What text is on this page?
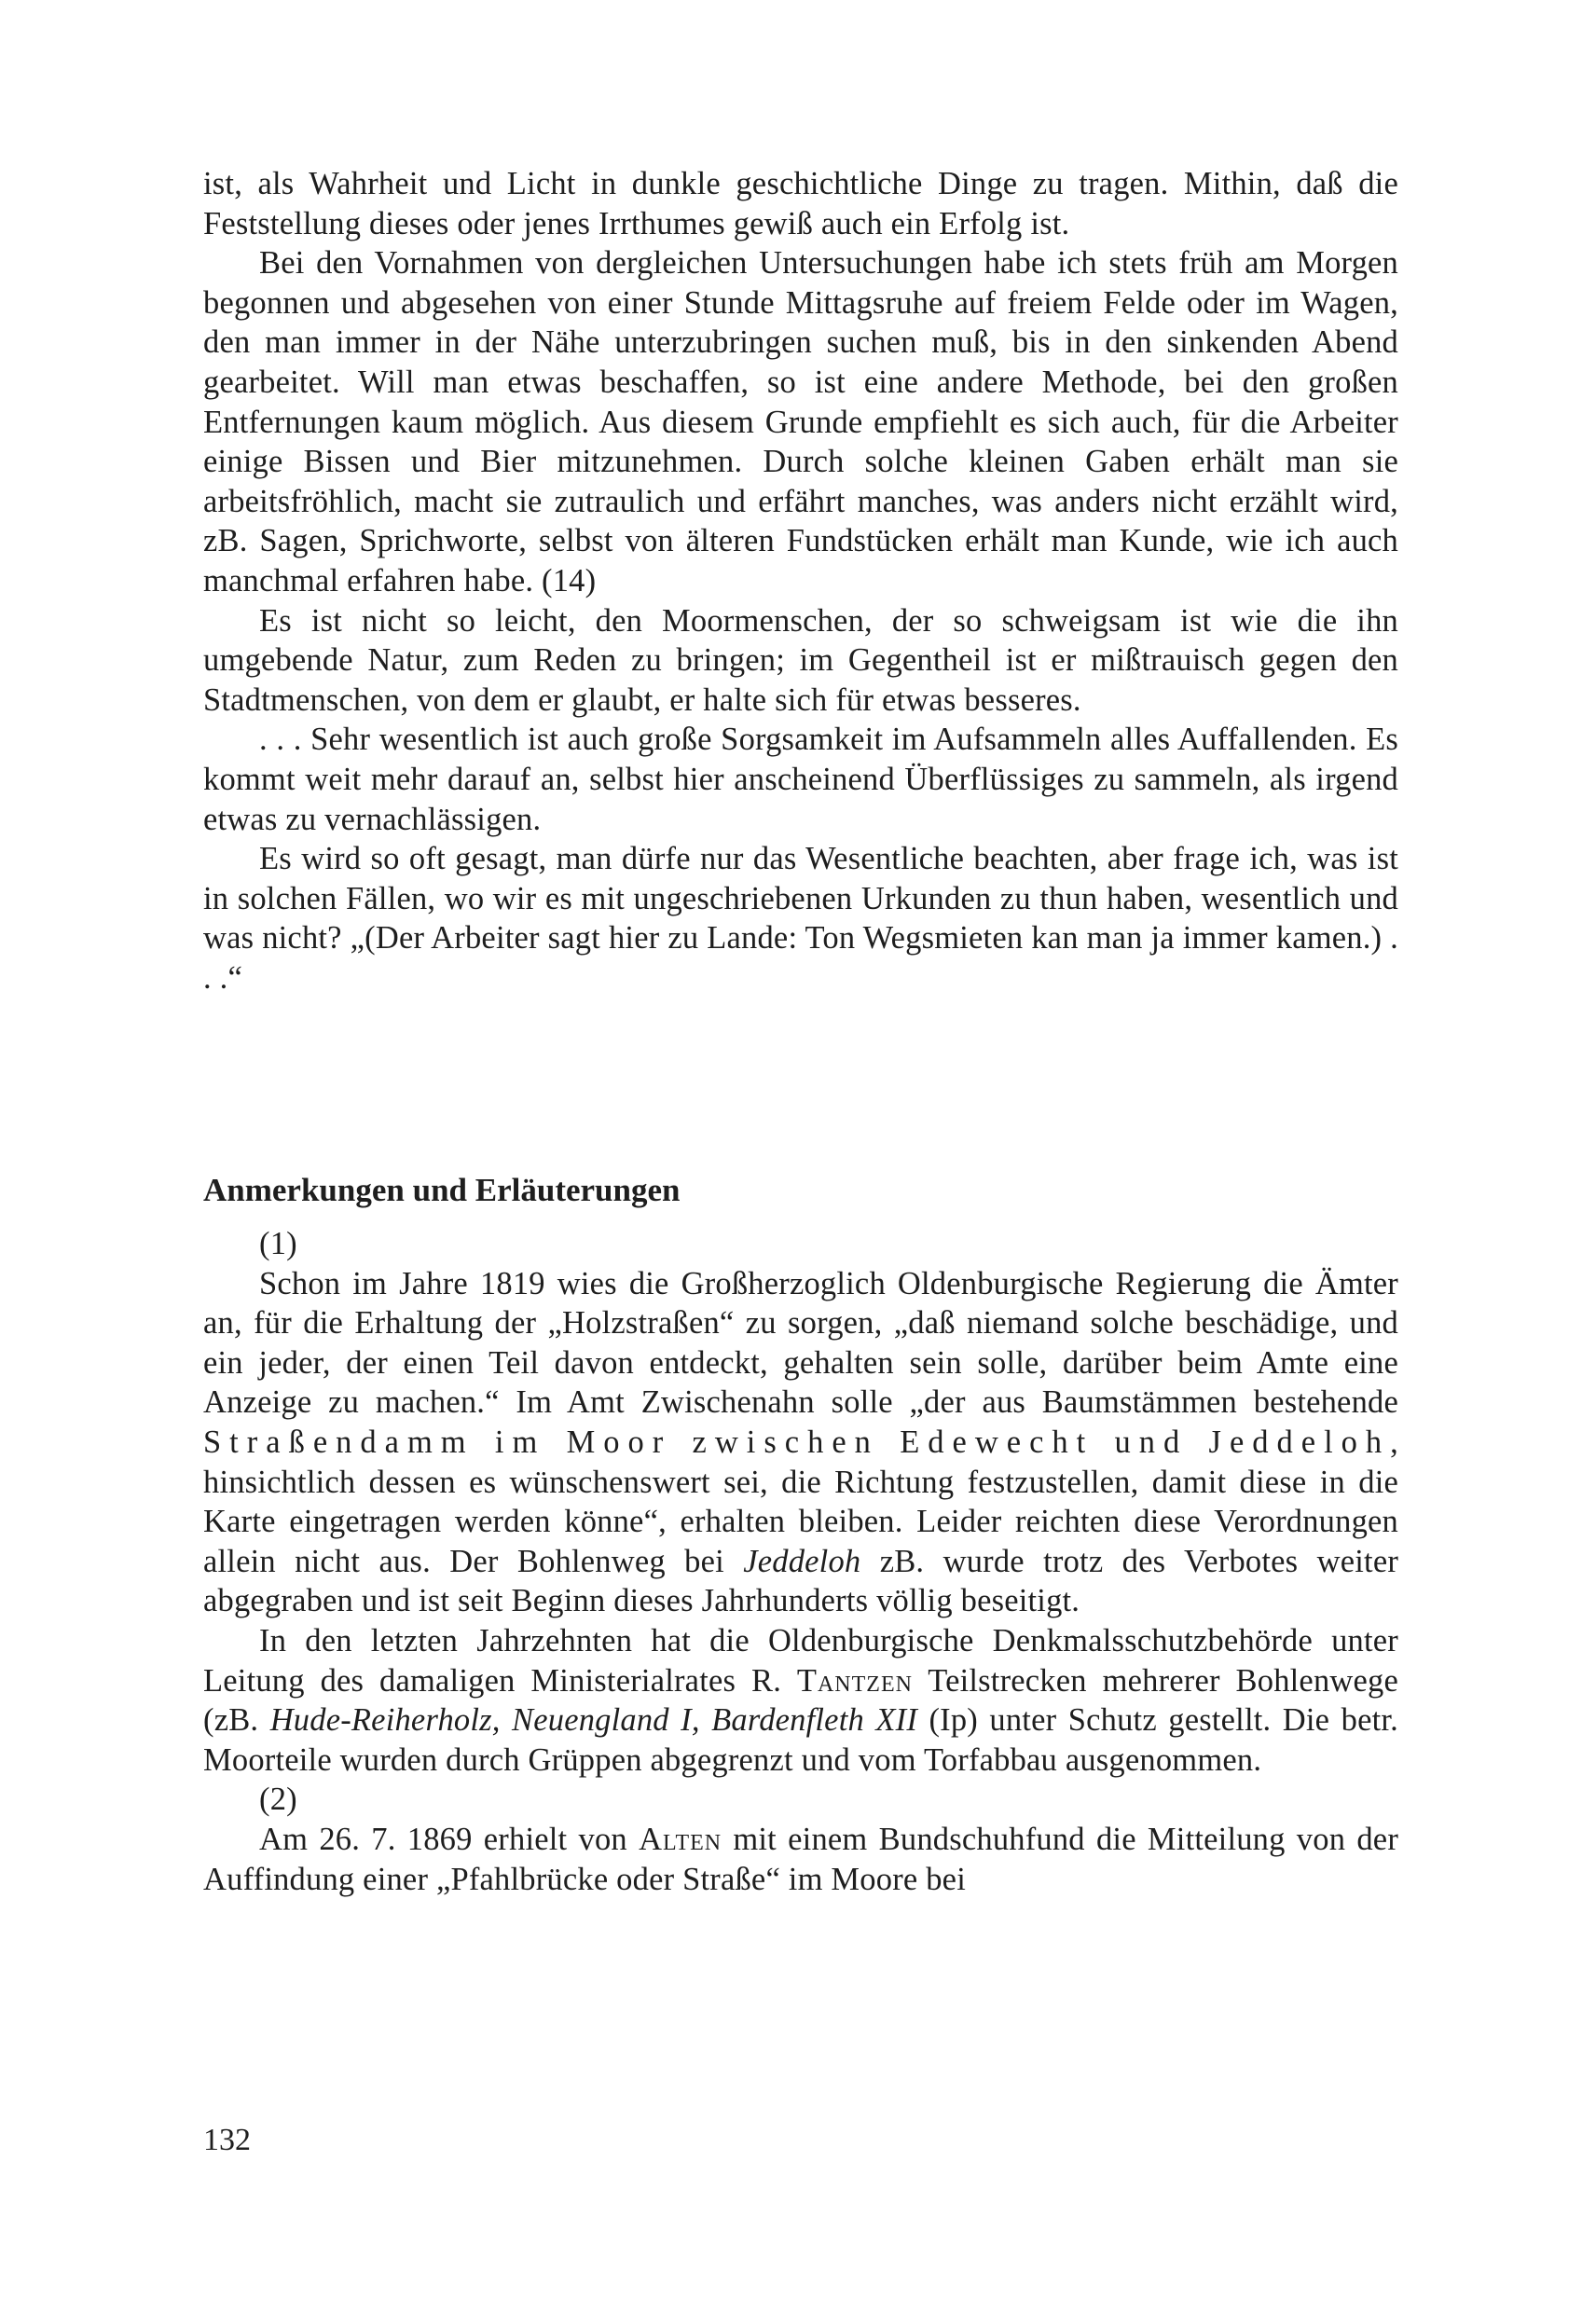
ist, als Wahrheit und Licht in dunkle geschichtliche Dinge zu tragen. Mithin, daß die Feststellung dieses oder jenes Irrthumes gewiß auch ein Erfolg ist.

Bei den Vornahmen von dergleichen Untersuchungen habe ich stets früh am Morgen begonnen und abgesehen von einer Stunde Mittagsruhe auf freiem Felde oder im Wagen, den man immer in der Nähe unterzubringen suchen muß, bis in den sinkenden Abend gearbeitet. Will man etwas beschaffen, so ist eine andere Methode, bei den großen Entfernungen kaum möglich. Aus diesem Grunde empfiehlt es sich auch, für die Arbeiter einige Bissen und Bier mitzunehmen. Durch solche kleinen Gaben erhält man sie arbeitsfröhlich, macht sie zutraulich und erfährt manches, was anders nicht erzählt wird, zB. Sagen, Sprichworte, selbst von älteren Fundstücken erhält man Kunde, wie ich auch manchmal erfahren habe. (14)

Es ist nicht so leicht, den Moormenschen, der so schweigsam ist wie die ihn umgebende Natur, zum Reden zu bringen; im Gegentheil ist er mißtrauisch gegen den Stadtmenschen, von dem er glaubt, er halte sich für etwas besseres.

. . . Sehr wesentlich ist auch große Sorgsamkeit im Aufsammeln alles Auffallenden. Es kommt weit mehr darauf an, selbst hier anscheinend Überflüssiges zu sammeln, als irgend etwas zu vernachlässigen.

Es wird so oft gesagt, man dürfe nur das Wesentliche beachten, aber frage ich, was ist in solchen Fällen, wo wir es mit ungeschriebenen Urkunden zu thun haben, wesentlich und was nicht? „(Der Arbeiter sagt hier zu Lande: Ton Wegsmieten kan man ja immer kamen.) . . .“

Anmerkungen und Erläuterungen

(1)

Schon im Jahre 1819 wies die Großherzoglich Oldenburgische Regierung die Ämter an, für die Erhaltung der „Holzstraßen“ zu sorgen, „daß niemand solche beschädige, und ein jeder, der einen Teil davon entdeckt, gehalten sein solle, darüber beim Amte eine Anzeige zu machen.“ Im Amt Zwischenahn solle „der aus Baumstämmen bestehende Straßendamm im Moor zwischen Edewecht und Jeddeloh, hinsichtlich dessen es wünschenswert sei, die Richtung festzustellen, damit diese in die Karte eingetragen werden könne“, erhalten bleiben. Leider reichten diese Verordnungen allein nicht aus. Der Bohlenweg bei Jeddeloh zB. wurde trotz des Verbotes weiter abgegraben und ist seit Beginn dieses Jahrhunderts völlig beseitigt.

In den letzten Jahrzehnten hat die Oldenburgische Denkmalsschutzbehörde unter Leitung des damaligen Ministerialrates R. Tantzen Teilstrecken mehrerer Bohlenwege (zB. Hude-Reiherholz, Neuengland I, Bardenfleth XII (Ip) unter Schutz gestellt. Die betr. Moorteile wurden durch Grüppen abgegrenzt und vom Torfabbau ausgenommen.

(2)

Am 26. 7. 1869 erhielt von Alten mit einem Bundschuhfund die Mitteilung von der Auffindung einer „Pfahlbrücke oder Straße“ im Moore bei

132
